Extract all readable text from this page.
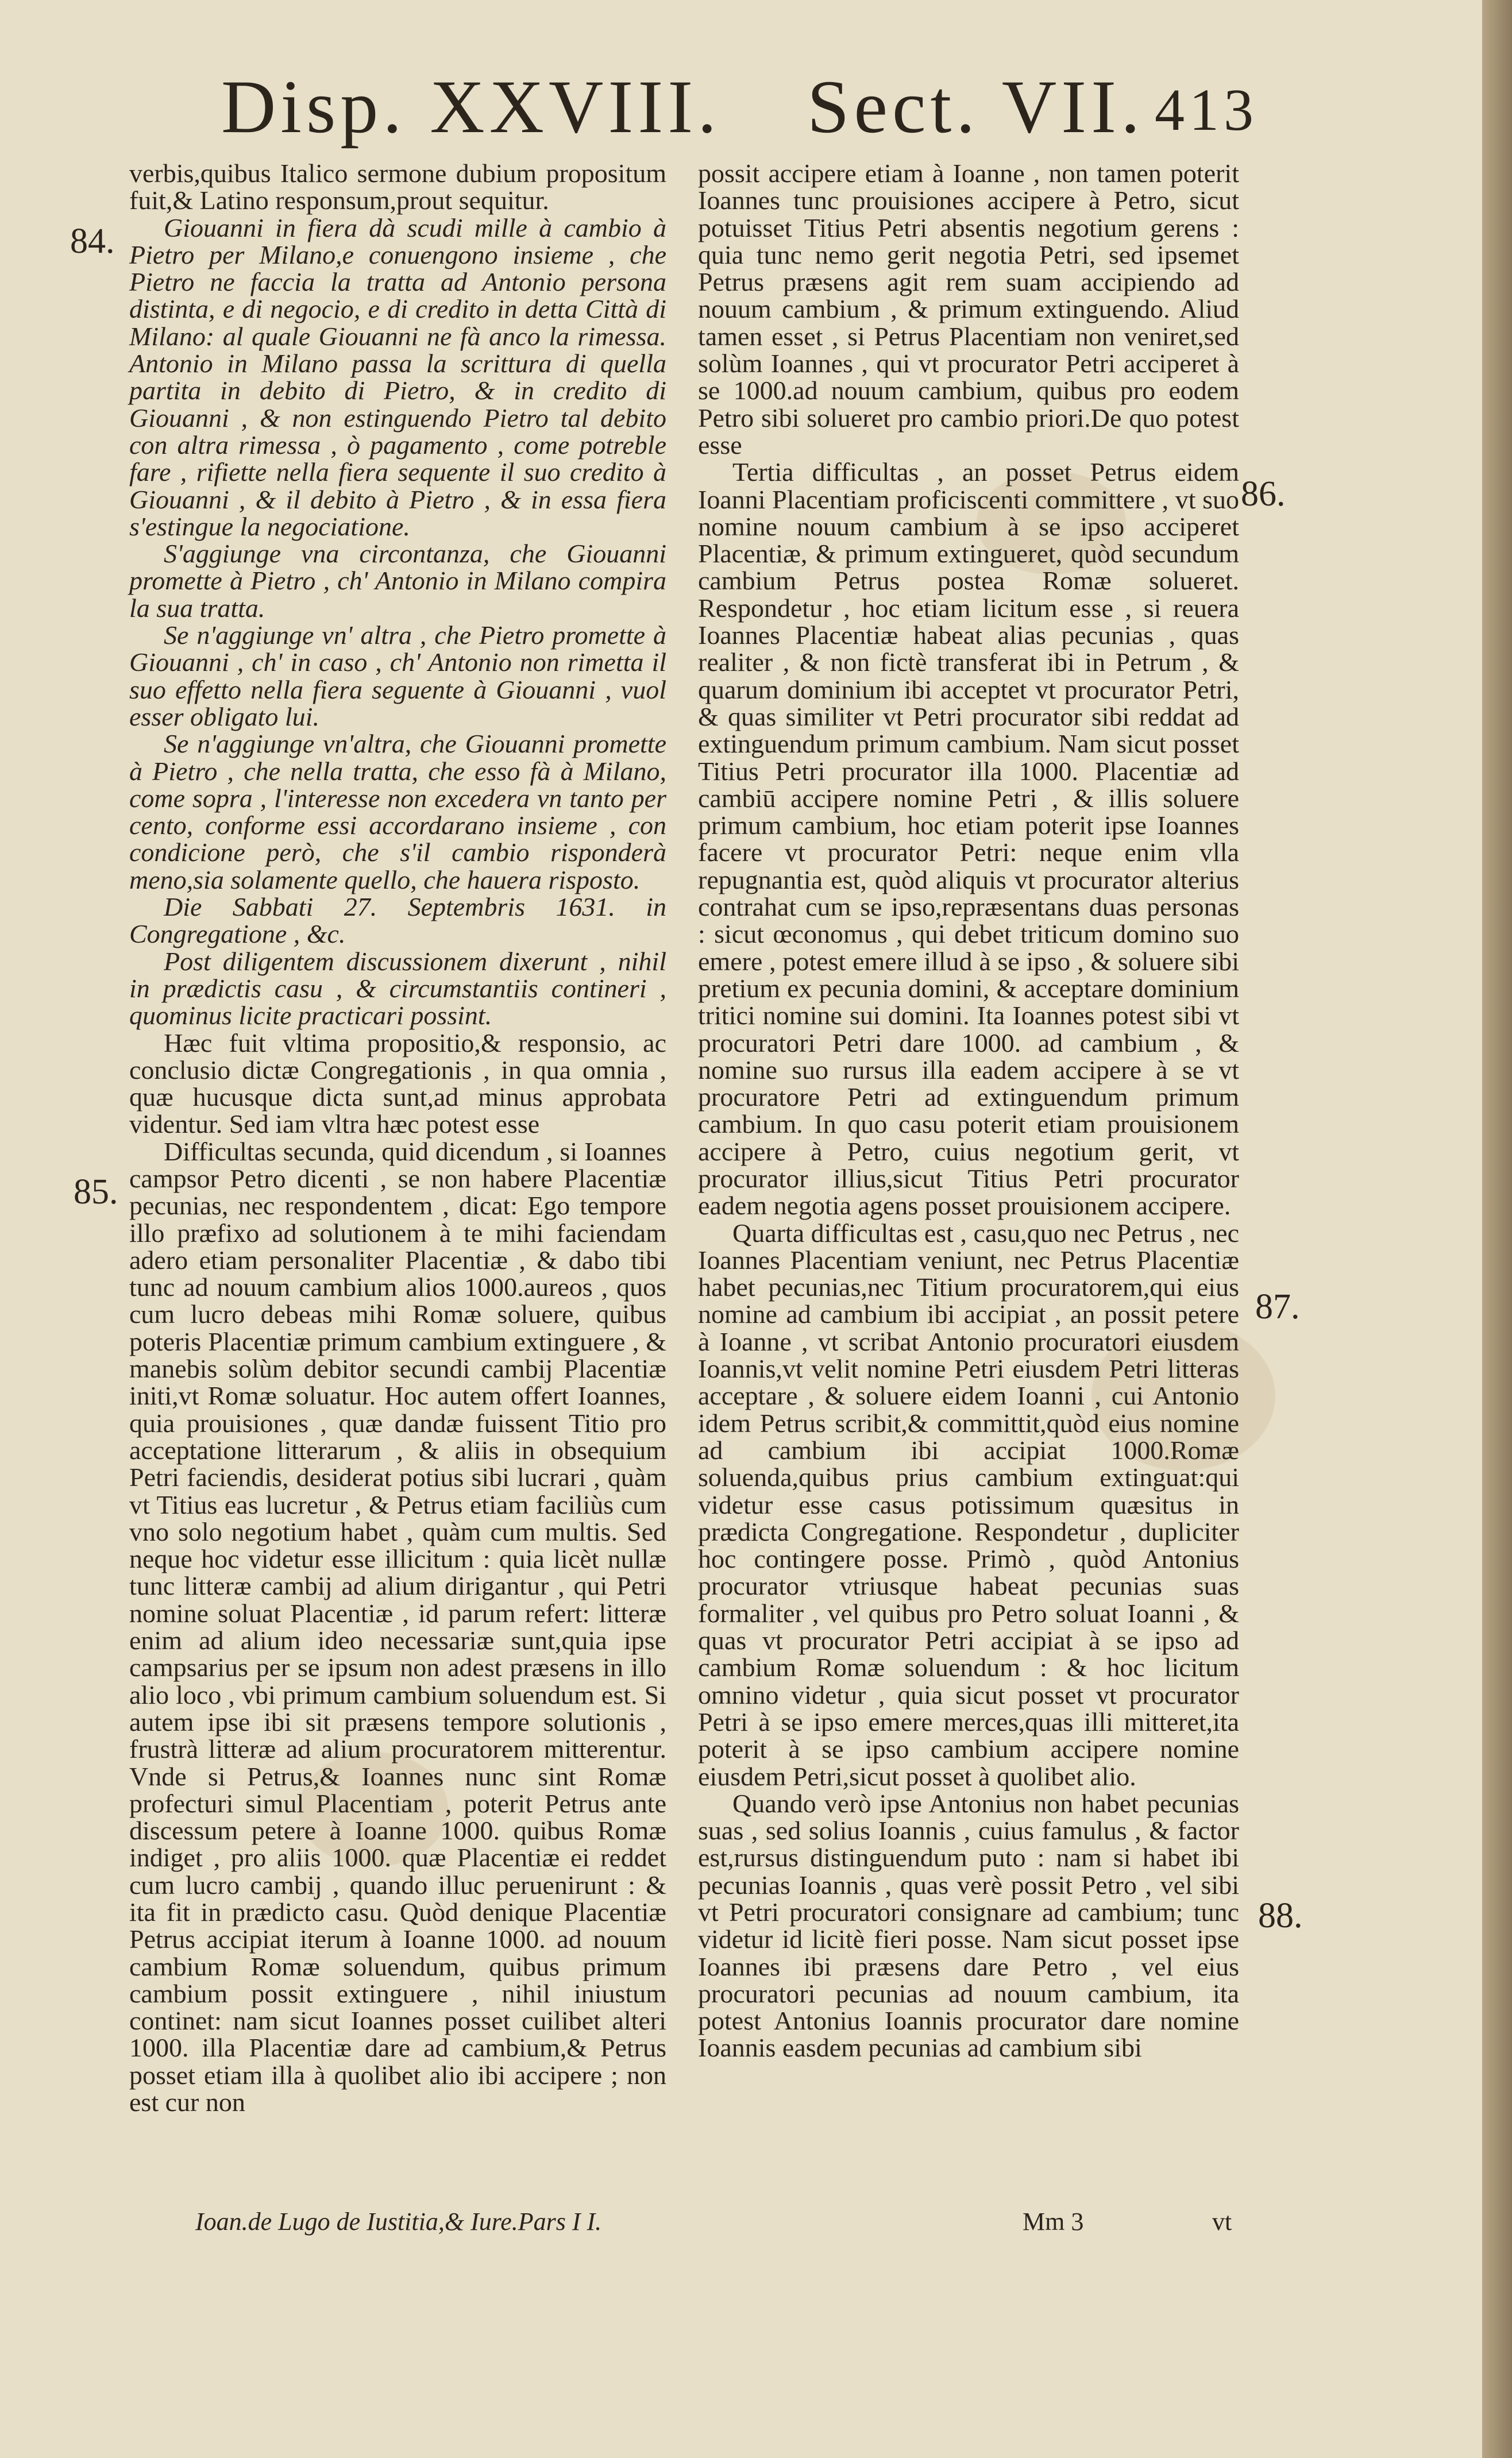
Disp. XXVIII. Sect. VII. 413

verbis,quibus Italico sermone dubium propositum fuit,& Latino responsum,prout sequitur.

Giouanni in fiera dà scudi mille à cambio à Pietro per Milano,e conuengono insieme , che Pietro ne faccia la tratta ad Antonio persona distinta, e di negocio, e di credito in detta Città di Milano: al quale Giouanni ne fà anco la rimessa. Antonio in Milano passa la scrittura di quella partita in debito di Pietro, & in credito di Giouanni , & non estinguendo Pietro tal debito con altra rimessa , ò pagamento , come potreble fare , rifiette nella fiera sequente il suo credito à Giouanni , & il debito à Pietro , & in essa fiera s'estingue la negociatione.

S'aggiunge vna circontanza, che Giouanni promette à Pietro , ch' Antonio in Milano compira la sua tratta.

Se n'aggiunge vn' altra , che Pietro promette à Giouanni , ch' in caso , ch' Antonio non rimetta il suo effetto nella fiera seguente à Giouanni , vuol esser obligato lui.

Se n'aggiunge vn'altra, che Giouanni promette à Pietro , che nella tratta, che esso fà à Milano, come sopra , l'interesse non excedera vn tanto per cento, conforme essi accordarano insieme , con condicione però, che s'il cambio risponderà meno,sia solamente quello, che hauera risposto.

Die Sabbati 27. Septembris 1631. in Congregatione , &c.

Post diligentem discussionem dixerunt , nihil in prædictis casu , & circumstantiis contineri , quominus licite practicari possint.

Hæc fuit vltima propositio,& responsio, ac conclusio dictæ Congregationis , in qua omnia , quæ hucusque dicta sunt,ad minus approbata videntur. Sed iam vltra hæc potest esse

Difficultas secunda, quid dicendum , si Ioannes campsor Petro dicenti , se non habere Placentiæ pecunias, nec respondentem , dicat: Ego tempore illo præfixo ad solutionem à te mihi faciendam adero etiam personaliter Placentiæ , & dabo tibi tunc ad nouum cambium alios 1000.aureos , quos cum lucro debeas mihi Romæ soluere, quibus poteris Placentiæ primum cambium extinguere , & manebis solùm debitor secundi cambij Placentiæ initi,vt Romæ soluatur. Hoc autem offert Ioannes, quia prouisiones , quæ dandæ fuissent Titio pro acceptatione litterarum , & aliis in obsequium Petri faciendis, desiderat potius sibi lucrari , quàm vt Titius eas lucretur , & Petrus etiam faciliùs cum vno solo negotium habet , quàm cum multis. Sed neque hoc videtur esse illicitum : quia licèt nullæ tunc litteræ cambij ad alium dirigantur , qui Petri nomine soluat Placentiæ , id parum refert: litteræ enim ad alium ideo necessariæ sunt,quia ipse campsarius per se ipsum non adest præsens in illo alio loco , vbi primum cambium soluendum est. Si autem ipse ibi sit præsens tempore solutionis , frustrà litteræ ad alium procuratorem mitterentur. Vnde si Petrus,& Ioannes nunc sint Romæ profecturi simul Placentiam , poterit Petrus ante discessum petere à Ioanne 1000. quibus Romæ indiget , pro aliis 1000. quæ Placentiæ ei reddet cum lucro cambij , quando illuc peruenirunt : & ita fit in prædicto casu. Quòd denique Placentiæ Petrus accipiat iterum à Ioanne 1000. ad nouum cambium Romæ soluendum, quibus primum cambium possit extinguere , nihil iniustum continet: nam sicut Ioannes posset cuilibet alteri 1000. illa Placentiæ dare ad cambium,& Petrus posset etiam illa à quolibet alio ibi accipere ; non est cur non

possit accipere etiam à Ioanne , non tamen poterit Ioannes tunc prouisiones accipere à Petro, sicut potuisset Titius Petri absentis negotium gerens : quia tunc nemo gerit negotia Petri, sed ipsemet Petrus præsens agit rem suam accipiendo ad nouum cambium , & primum extinguendo. Aliud tamen esset , si Petrus Placentiam non veniret,sed solùm Ioannes , qui vt procurator Petri acciperet à se 1000.ad nouum cambium, quibus pro eodem Petro sibi solueret pro cambio priori.De quo potest esse

Tertia difficultas , an posset Petrus eidem Ioanni Placentiam proficiscenti committere , vt suo nomine nouum cambium à se ipso acciperet Placentiæ, & primum extingueret, quòd secundum cambium Petrus postea Romæ solueret. Respondetur , hoc etiam licitum esse , si reuera Ioannes Placentiæ habeat alias pecunias , quas realiter , & non fictè transferat ibi in Petrum , & quarum dominium ibi acceptet vt procurator Petri, & quas similiter vt Petri procurator sibi reddat ad extinguendum primum cambium. Nam sicut posset Titius Petri procurator illa 1000. Placentiæ ad cambiū accipere nomine Petri , & illis soluere primum cambium, hoc etiam poterit ipse Ioannes facere vt procurator Petri: neque enim vlla repugnantia est, quòd aliquis vt procurator alterius contrahat cum se ipso,repræsentans duas personas : sicut œconomus , qui debet triticum domino suo emere , potest emere illud à se ipso , & soluere sibi pretium ex pecunia domini, & acceptare dominium tritici nomine sui domini. Ita Ioannes potest sibi vt procuratori Petri dare 1000. ad cambium , & nomine suo rursus illa eadem accipere à se vt procuratore Petri ad extinguendum primum cambium. In quo casu poterit etiam prouisionem accipere à Petro, cuius negotium gerit, vt procurator illius,sicut Titius Petri procurator eadem negotia agens posset prouisionem accipere.

Quarta difficultas est , casu,quo nec Petrus , nec Ioannes Placentiam veniunt, nec Petrus Placentiæ habet pecunias,nec Titium procuratorem,qui eius nomine ad cambium ibi accipiat , an possit petere à Ioanne , vt scribat Antonio procuratori eiusdem Ioannis,vt velit nomine Petri eiusdem Petri litteras acceptare , & soluere eidem Ioanni , cui Antonio idem Petrus scribit,& committit,quòd eius nomine ad cambium ibi accipiat 1000.Romæ soluenda,quibus prius cambium extinguat:qui videtur esse casus potissimum quæsitus in prædicta Congregatione. Respondetur , dupliciter hoc contingere posse. Primò , quòd Antonius procurator vtriusque habeat pecunias suas formaliter , vel quibus pro Petro soluat Ioanni , & quas vt procurator Petri accipiat à se ipso ad cambium Romæ soluendum : & hoc licitum omnino videtur , quia sicut posset vt procurator Petri à se ipso emere merces,quas illi mitteret,ita poterit à se ipso cambium accipere nomine eiusdem Petri,sicut posset à quolibet alio.

Quando verò ipse Antonius non habet pecunias suas , sed solius Ioannis , cuius famulus , & factor est,rursus distinguendum puto : nam si habet ibi pecunias Ioannis , quas verè possit Petro , vel sibi vt Petri procuratori consignare ad cambium; tunc videtur id licitè fieri posse. Nam sicut posset ipse Ioannes ibi præsens dare Petro , vel eius procuratori pecunias ad nouum cambium, ita potest Antonius Ioannis procurator dare nomine Ioannis easdem pecunias ad cambium sibi

84.
85.
86.
87.
88.
Ioan.de Lugo de Iustitia,& Iure.Pars I I.	Mm 3	vt
